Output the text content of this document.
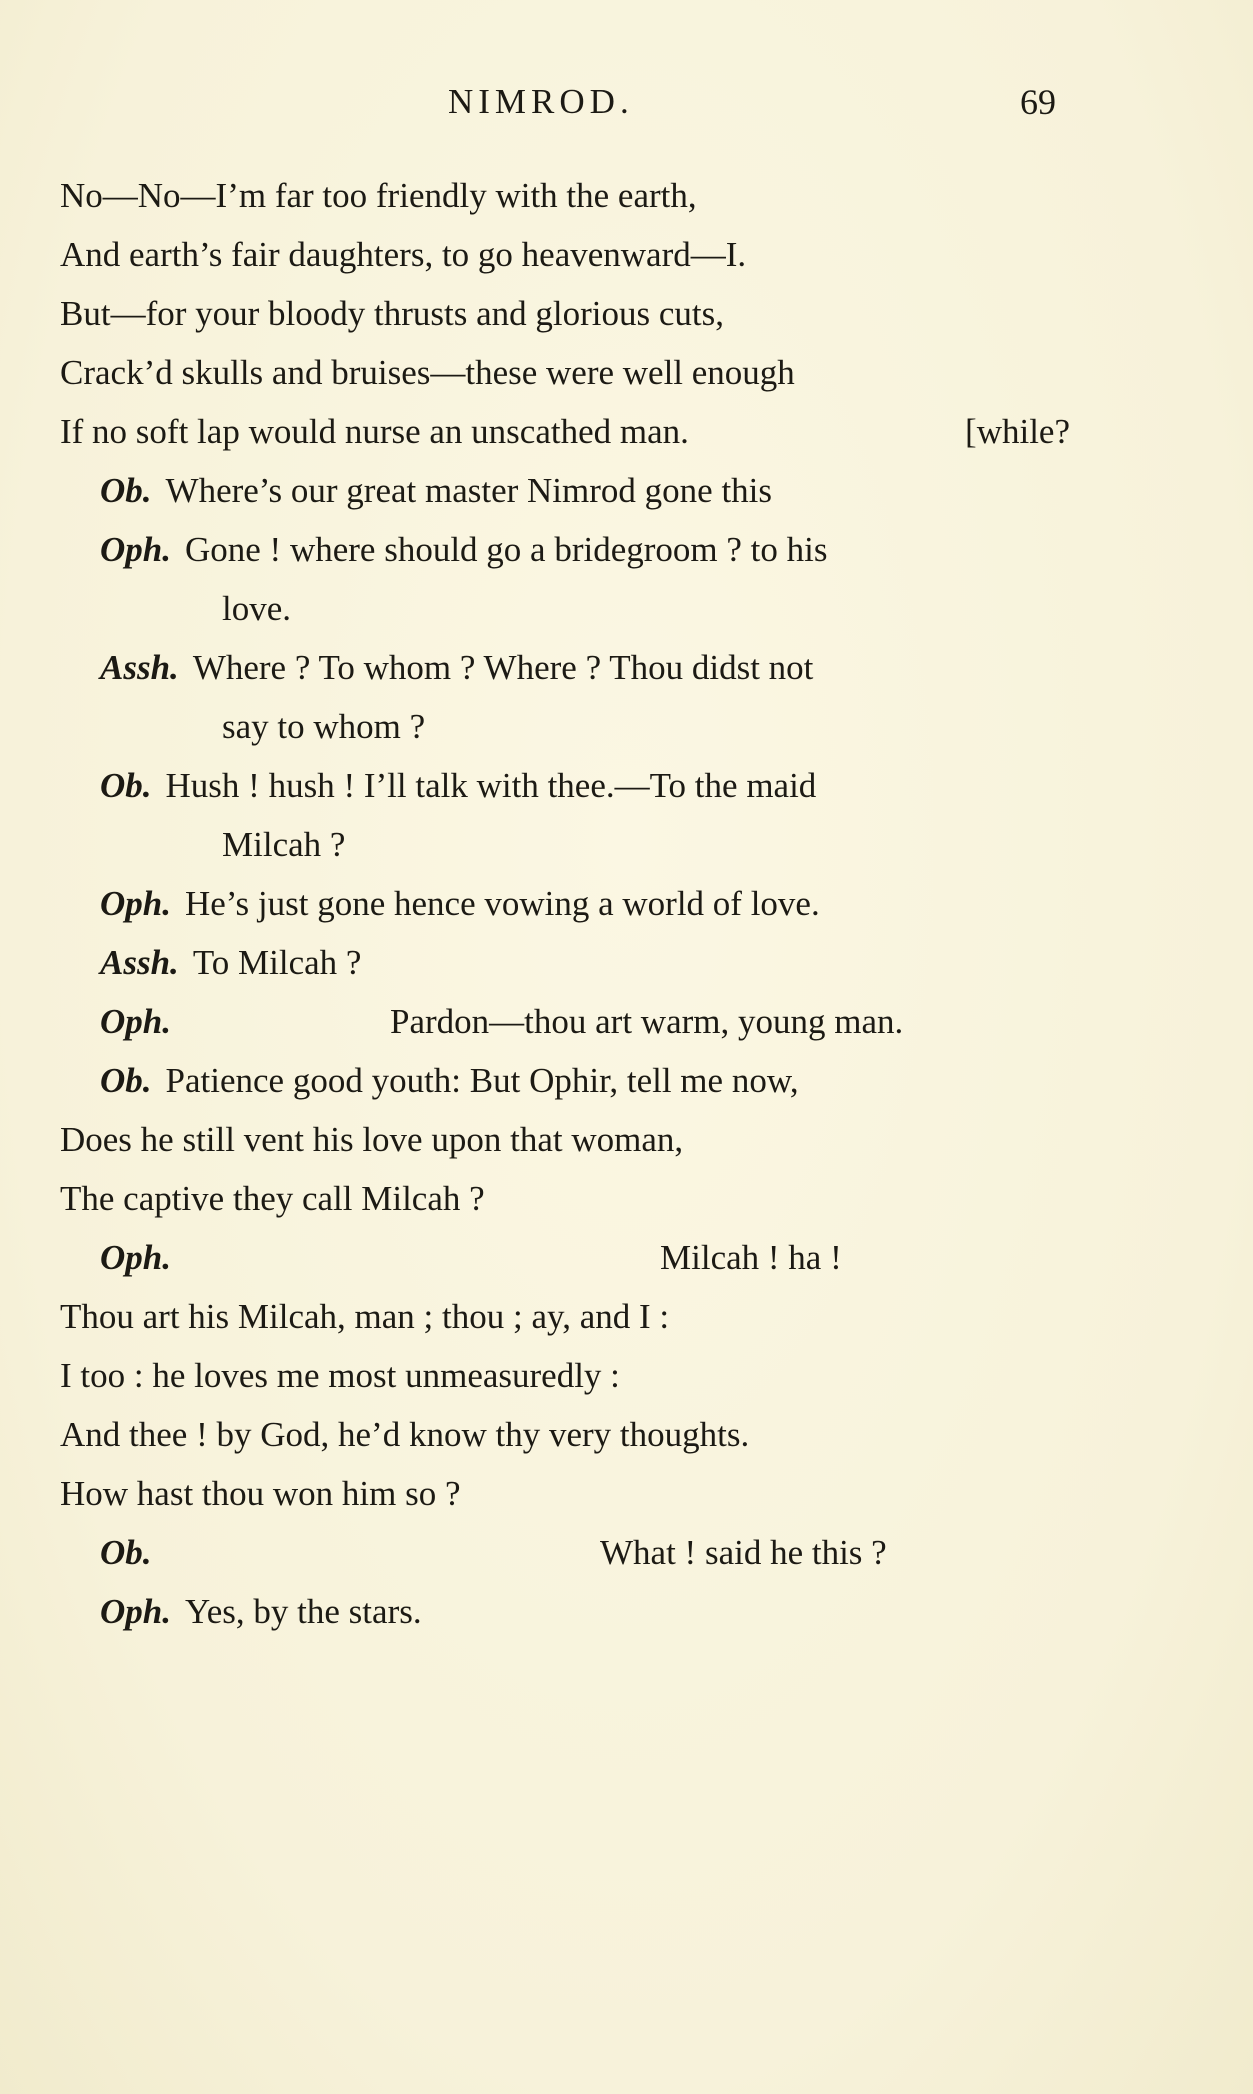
NIMROD.	69
No—No—I’m far too friendly with the earth,
And earth’s fair daughters, to go heavenward—I.
But—for your bloody thrusts and glorious cuts,
Crack’d skulls and bruises—these were well enough
If no soft lap would nurse an unscathed man.	[while?
Ob. Where’s our great master Nimrod gone this
Oph. Gone ! where should go a bridegroom ? to his
love.
Assh. Where ? To whom ? Where ? Thou didst not
say to whom ?
Ob. Hush ! hush ! I’ll talk with thee.—To the maid
Milcah ?
Oph. He’s just gone hence vowing a world of love.
Assh. To Milcah ?
Oph.	Pardon—thou art warm, young man.
Ob. Patience good youth: But Ophir, tell me now,
Does he still vent his love upon that woman,
The captive they call Milcah ?
Oph.	Milcah ! ha !
Thou art his Milcah, man ; thou ; ay, and I :
I too : he loves me most unmeasuredly :
And thee ! by God, he’d know thy very thoughts.
How hast thou won him so ?
Ob.	What ! said he this ?
Oph. Yes, by the stars.
